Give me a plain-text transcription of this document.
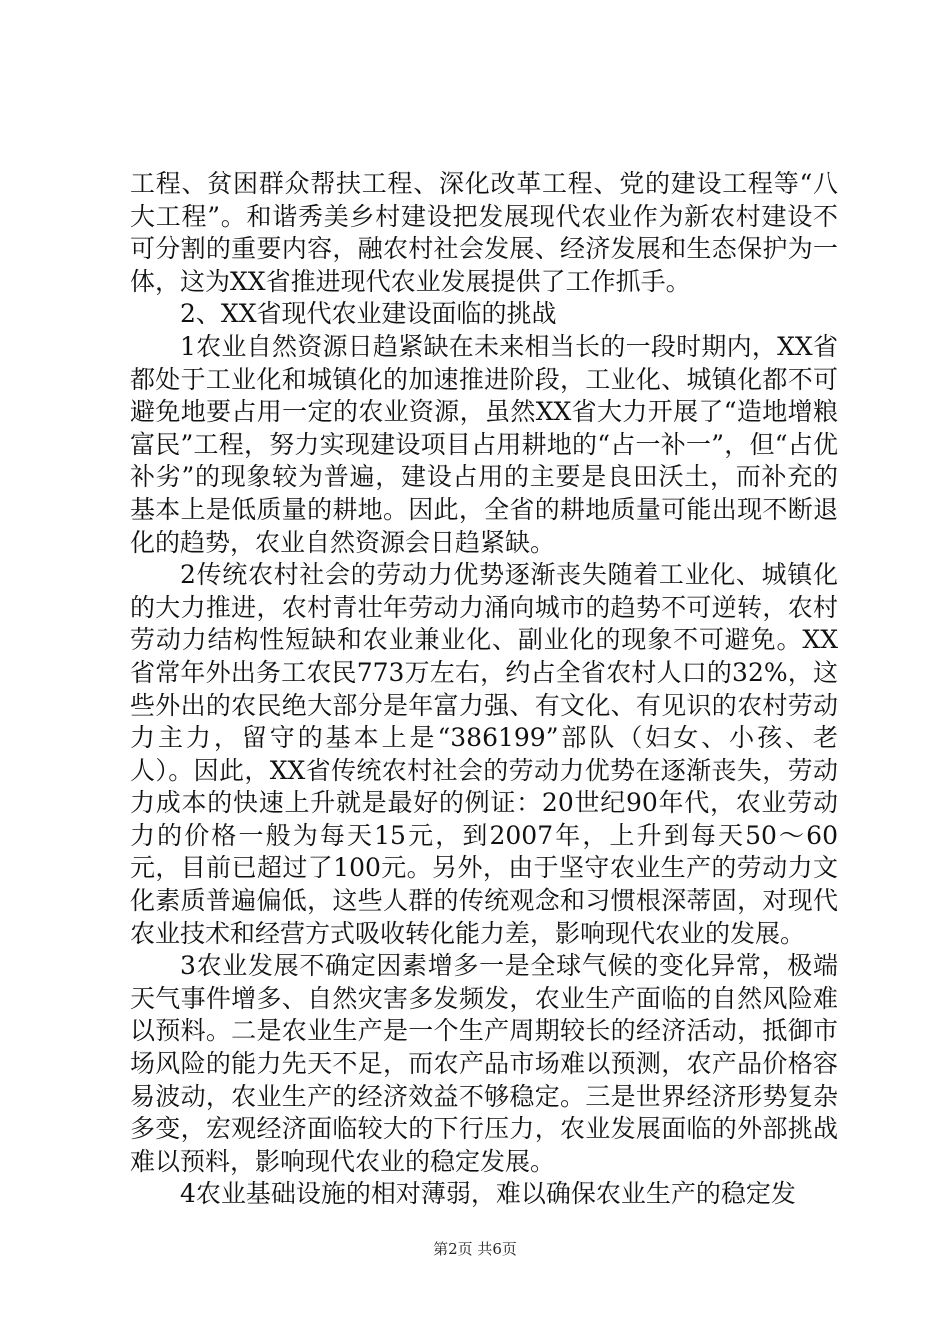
工程、贫困群众帮扶工程、深化改革工程、党的建设工程等“八大工程”。和谐秀美乡村建设把发展现代农业作为新农村建设不可分割的重要内容，融农村社会发展、经济发展和生态保护为一体，这为XX省推进现代农业发展提供了工作抓手。

2、XX省现代农业建设面临的挑战

1农业自然资源日趋紧缺在未来相当长的一段时期内，XX省都处于工业化和城镇化的加速推进阶段，工业化、城镇化都不可避免地要占用一定的农业资源，虽然XX省大力开展了“造地增粮富民”工程，努力实现建设项目占用耕地的“占一补一”，但“占优补劣”的现象较为普遍，建设占用的主要是良田沃土，而补充的基本上是低质量的耕地。因此，全省的耕地质量可能出现不断退化的趋势，农业自然资源会日趋紧缺。

2传统农村社会的劳动力优势逐渐丧失随着工业化、城镇化的大力推进，农村青壮年劳动力涌向城市的趋势不可逆转，农村劳动力结构性短缺和农业兼业化、副业化的现象不可避免。XX省常年外出务工农民773万左右，约占全省农村人口的32%，这些外出的农民绝大部分是年富力强、有文化、有见识的农村劳动力主力，留守的基本上是“386199”部队（妇女、小孩、老人）。因此，XX省传统农村社会的劳动力优势在逐渐丧失，劳动力成本的快速上升就是最好的例证：20世纪90年代，农业劳动力的价格一般为每天15元，到2007年，上升到每天50～60元，目前已超过了100元。另外，由于坚守农业生产的劳动力文化素质普遍偏低，这些人群的传统观念和习惯根深蒂固，对现代农业技术和经营方式吸收转化能力差，影响现代农业的发展。

3农业发展不确定因素增多一是全球气候的变化异常，极端天气事件增多、自然灾害多发频发，农业生产面临的自然风险难以预料。二是农业生产是一个生产周期较长的经济活动，抵御市场风险的能力先天不足，而农产品市场难以预测，农产品价格容易波动，农业生产的经济效益不够稳定。三是世界经济形势复杂多变，宏观经济面临较大的下行压力，农业发展面临的外部挑战难以预料，影响现代农业的稳定发展。

4农业基础设施的相对薄弱，难以确保农业生产的稳定发

第2页 共6页
